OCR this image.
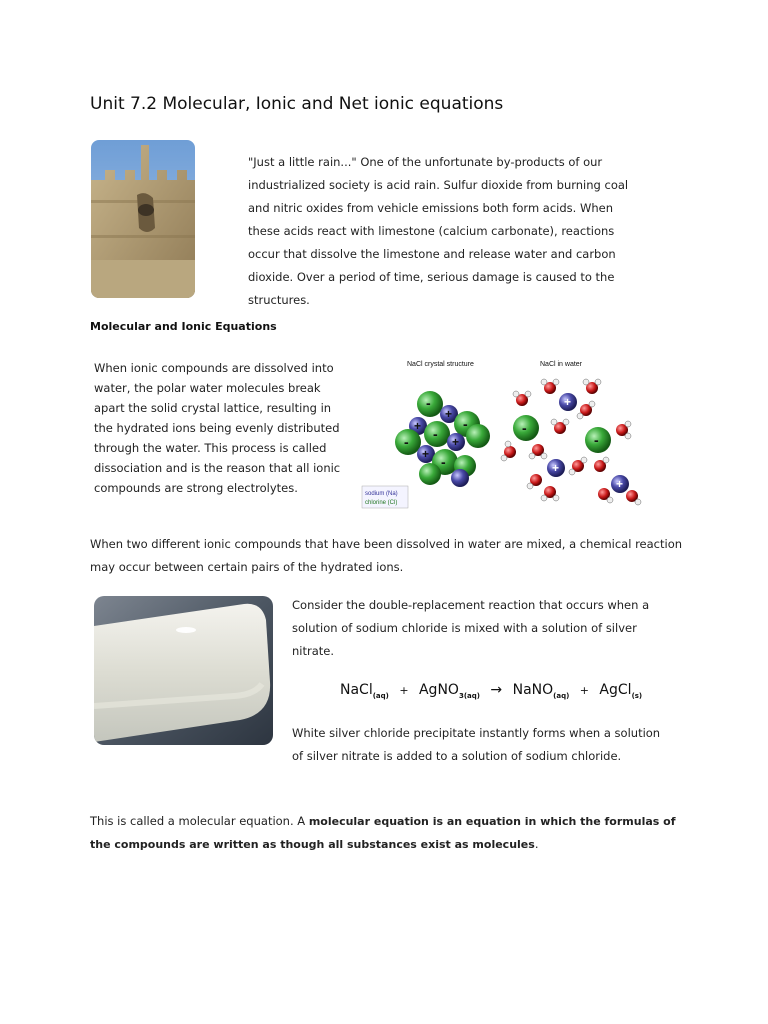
Unit 7.2 Molecular, Ionic and Net ionic equations
"Just a little rain..." One of the unfortunate by-products of our industrialized society is acid rain. Sulfur dioxide from burning coal and nitric oxides from vehicle emissions both form acids. When these acids react with limestone (calcium carbonate), reactions occur that dissolve the limestone and release water and carbon dioxide. Over a period of time, serious damage is caused to the structures.
Molecular and Ionic Equations
When ionic compounds are dissolved into water, the polar water molecules break apart the solid crystal lattice, resulting in the hydrated ions being evenly distributed through the water. This process is called dissociation and is the reason that all ionic compounds are strong electrolytes.
NaCl crystal structure	NaCl in water
-
+
-
+ - +
-
+ -
sodium (Na)
chlorine (Cl)
-
-
+
+
+
When two different ionic compounds that have been dissolved in water are mixed, a chemical reaction may occur between certain pairs of the hydrated ions.
Consider the double-replacement reaction that occurs when a solution of sodium chloride is mixed with a solution of silver nitrate.
NaCl$_{(aq)}$ + AgNO$_{3(aq)}$ → NaNO$_{(aq)}$ + AgCl$_{(s)}$
White silver chloride precipitate instantly forms when a solution of silver nitrate is added to a solution of sodium chloride.
This is called a molecular equation. A molecular equation is an equation in which the formulas of the compounds are written as though all substances exist as molecules.
